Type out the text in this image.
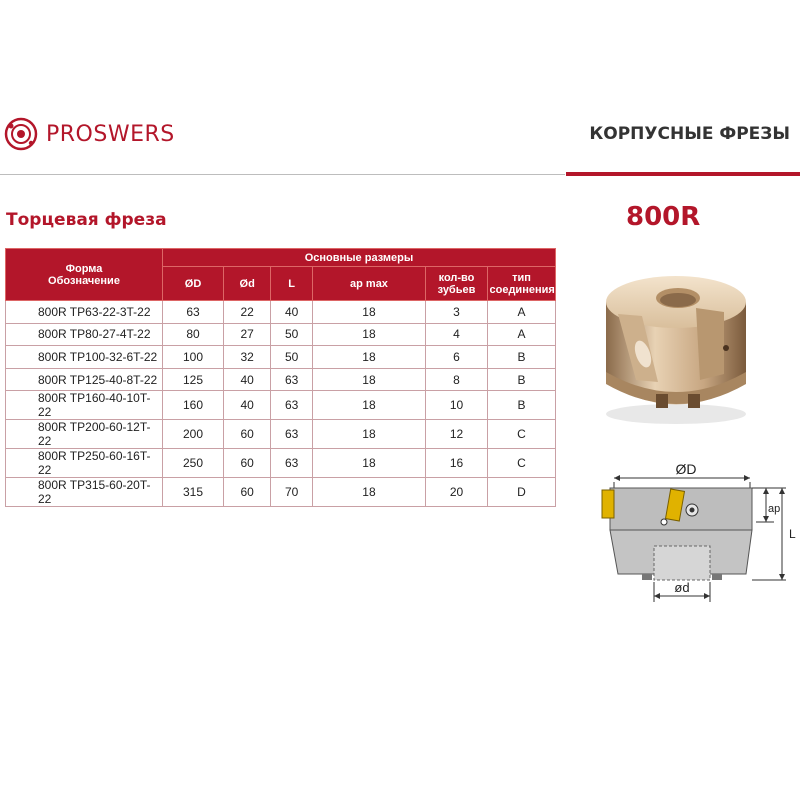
PROSWERS	КОРПУСНЫЕ ФРЕЗЫ
Торцевая фреза	800R
Форма Обозначение	Основные размеры					
	ØD	Ød	L	ap max	кол-во зубьев	тип соединения
800R TP63-22-3T-22	63	22	40	18	3	A
800R TP80-27-4T-22	80	27	50	18	4	A
800R TP100-32-6T-22	100	32	50	18	6	B
800R TP125-40-8T-22	125	40	63	18	8	B
800R TP160-40-10T-22	160	40	63	18	10	B
800R TP200-60-12T-22	200	60	63	18	12	C
800R TP250-60-16T-22	250	60	63	18	16	C
800R TP315-60-20T-22	315	60	70	18	20	D
ØD
L
ap
ød
